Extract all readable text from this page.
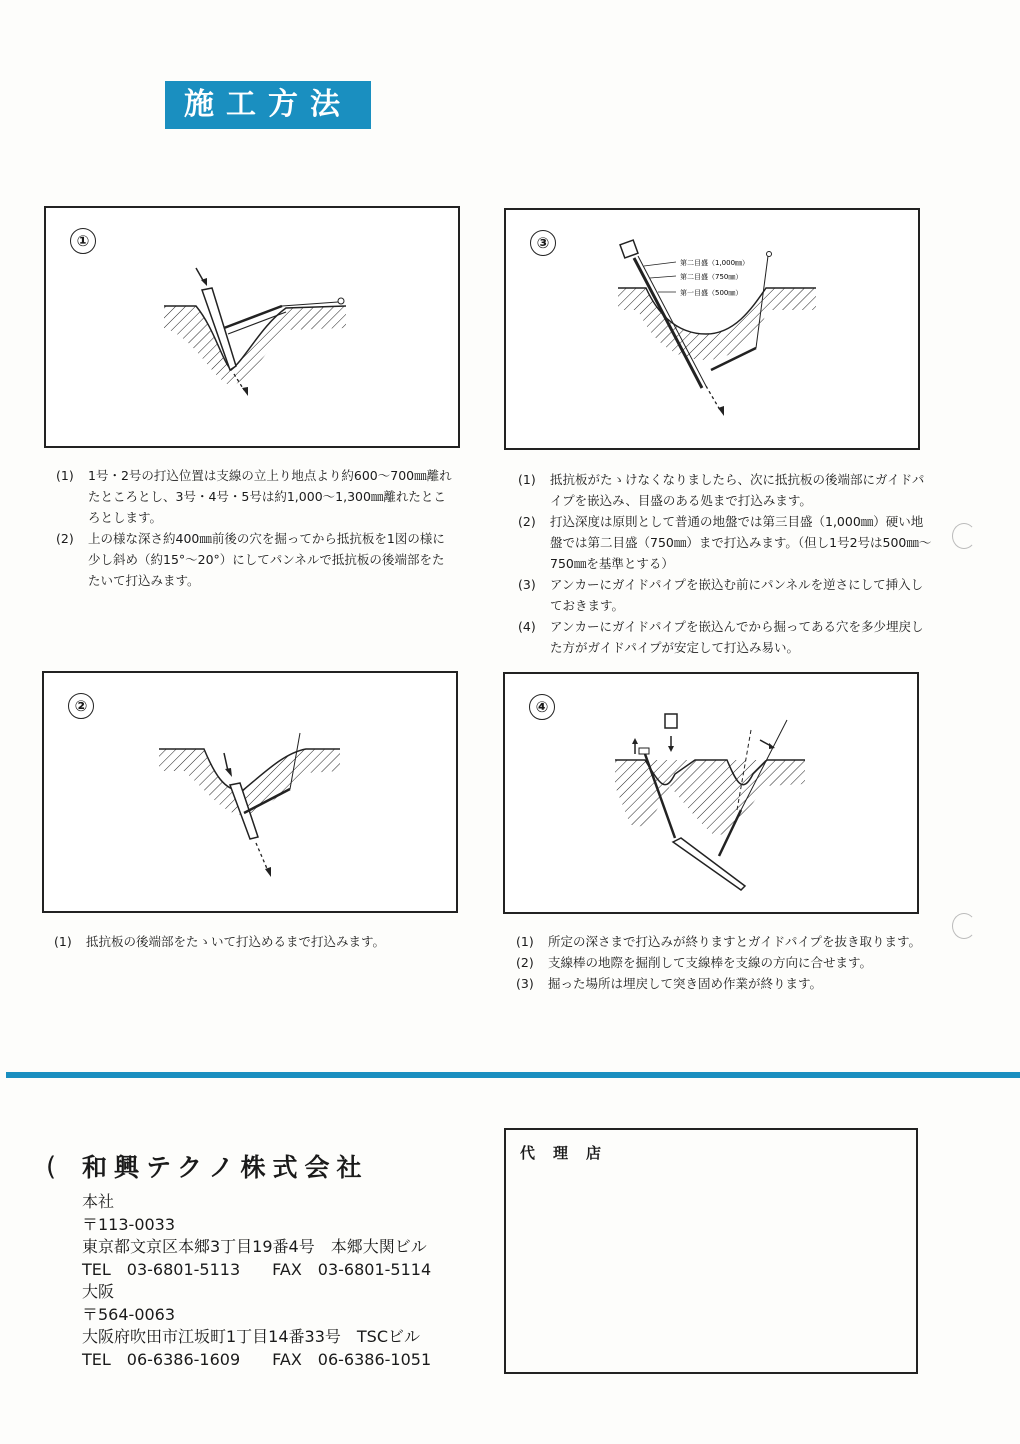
施工方法
①	③
第二目盛（1,000㎜）
第二目盛（750㎜）
第一目盛（500㎜）
(1)	1号・2号の打込位置は支線の立上り地点より約600〜700㎜離れたところとし、3号・4号・5号は約1,000〜1,300㎜離れたところとします。
(2)	上の様な深さ約400㎜前後の穴を掘ってから抵抗板を1図の様に少し斜め（約15°〜20°）にしてパンネルで抵抗板の後端部をたたいて打込みます。
(1)	抵抗板がたゝけなくなりましたら、次に抵抗板の後端部にガイドパイプを嵌込み、目盛のある処まで打込みます。
(2)	打込深度は原則として普通の地盤では第三目盛（1,000㎜）硬い地盤では第二目盛（750㎜）まで打込みます。（但し1号2号は500㎜〜750㎜を基準とする）
(3)	アンカーにガイドパイプを嵌込む前にパンネルを逆さにして挿入しておきます。
(4)	アンカーにガイドパイプを嵌込んでから掘ってある穴を多少埋戻した方がガイドパイプが安定して打込み易い。
②	④
(1)	抵抗板の後端部をたゝいて打込めるまで打込みます。	(1)	所定の深さまで打込みが終りますとガイドパイプを抜き取ります。
(2)	支線棒の地際を掘削して支線棒を支線の方向に合せます。
(3)	掘った場所は埋戻して突き固め作業が終ります。
( 和興テクノ株式会社
本社
〒113-0033
東京都文京区本郷3丁目19番4号　本郷大関ビル
TEL　03-6801-5113　　FAX　03-6801-5114
大阪
〒564-0063
大阪府吹田市江坂町1丁目14番33号　TSCビル
TEL　06-6386-1609　　FAX　06-6386-1051
代理店
